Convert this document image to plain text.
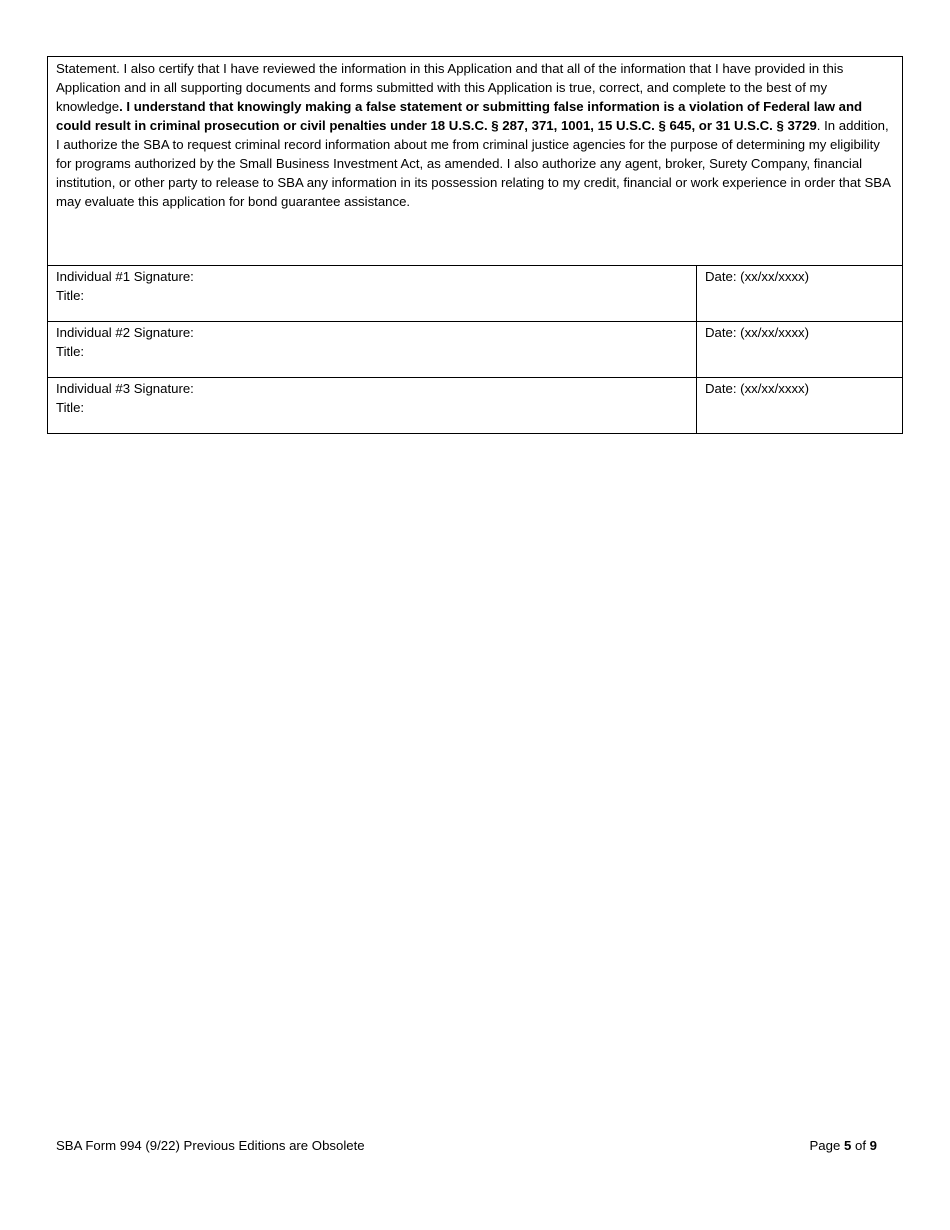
Statement. I also certify that I have reviewed the information in this Application and that all of the information that I have provided in this Application and in all supporting documents and forms submitted with this Application is true, correct, and complete to the best of my knowledge. I understand that knowingly making a false statement or submitting false information is a violation of Federal law and could result in criminal prosecution or civil penalties under 18 U.S.C. § 287, 371, 1001, 15 U.S.C. § 645, or 31 U.S.C. § 3729. In addition, I authorize the SBA to request criminal record information about me from criminal justice agencies for the purpose of determining my eligibility for programs authorized by the Small Business Investment Act, as amended. I also authorize any agent, broker, Surety Company, financial institution, or other party to release to SBA any information in its possession relating to my credit, financial or work experience in order that SBA may evaluate this application for bond guarantee assistance.
Individual #1 Signature:
Title:
Date: (xx/xx/xxxx)
Individual #2 Signature:
Title:
Date: (xx/xx/xxxx)
Individual #3 Signature:
Title:
Date: (xx/xx/xxxx)
SBA Form 994 (9/22) Previous Editions are Obsolete	Page 5 of 9
